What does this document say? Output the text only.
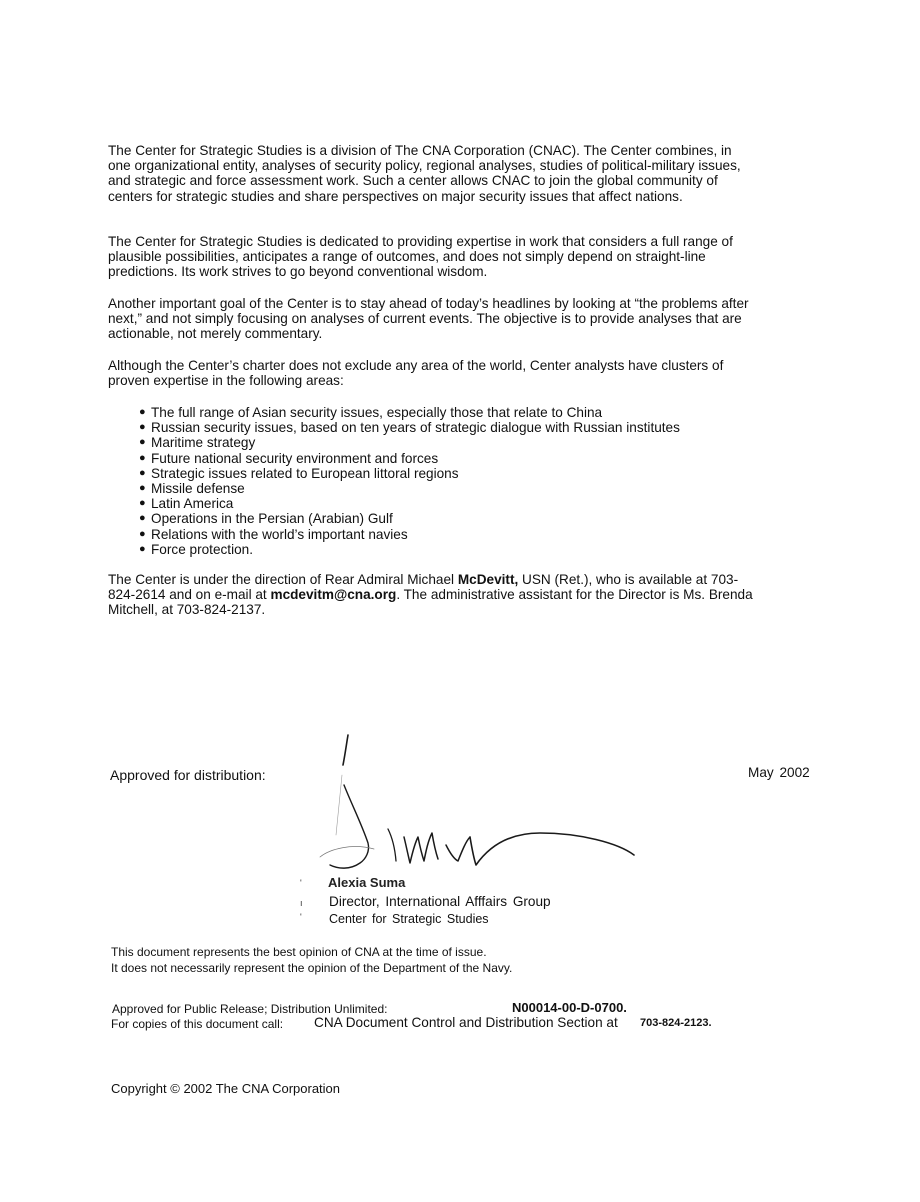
The Center for Strategic Studies is a division of The CNA Corporation (CNAC). The Center combines, in one organizational entity, analyses of security policy, regional analyses, studies of political-military issues, and strategic and force assessment work. Such a center allows CNAC to join the global community of centers for strategic studies and share perspectives on major security issues that affect nations.

The Center for Strategic Studies is dedicated to providing expertise in work that considers a full range of plausible possibilities, anticipates a range of outcomes, and does not simply depend on straight-line predictions. Its work strives to go beyond conventional wisdom.

Another important goal of the Center is to stay ahead of today’s headlines by looking at “the problems after next,” and not simply focusing on analyses of current events. The objective is to provide analyses that are actionable, not merely commentary.

Although the Center’s charter does not exclude any area of the world, Center analysts have clusters of proven expertise in the following areas:

● The full range of Asian security issues, especially those that relate to China
● Russian security issues, based on ten years of strategic dialogue with Russian institutes
● Maritime strategy
● Future national security environment and forces
● Strategic issues related to European littoral regions
● Missile defense
● Latin America
● Operations in the Persian (Arabian) Gulf
● Relations with the world’s important navies
● Force protection.

The Center is under the direction of Rear Admiral Michael McDevitt, USN (Ret.), who is available at 703-824-2614 and on e-mail at mcdevitm@cna.org. The administrative assistant for the Director is Ms. Brenda Mitchell, at 703-824-2137.

Approved for distribution:	May 2002

'
ı
'

Alexia Suma

Director, International Afffairs Group

Center for Strategic Studies

This document represents the best opinion of CNA at the time of issue.

It does not necessarily represent the opinion of the Department of the Navy.

Approved for Public Release; Distribution Unlimited:	N00014-00-D-0700.

For copies of this document call: CNA Document Control and Distribution Section at 703-824-2123.

Copyright © 2002 The CNA Corporation
